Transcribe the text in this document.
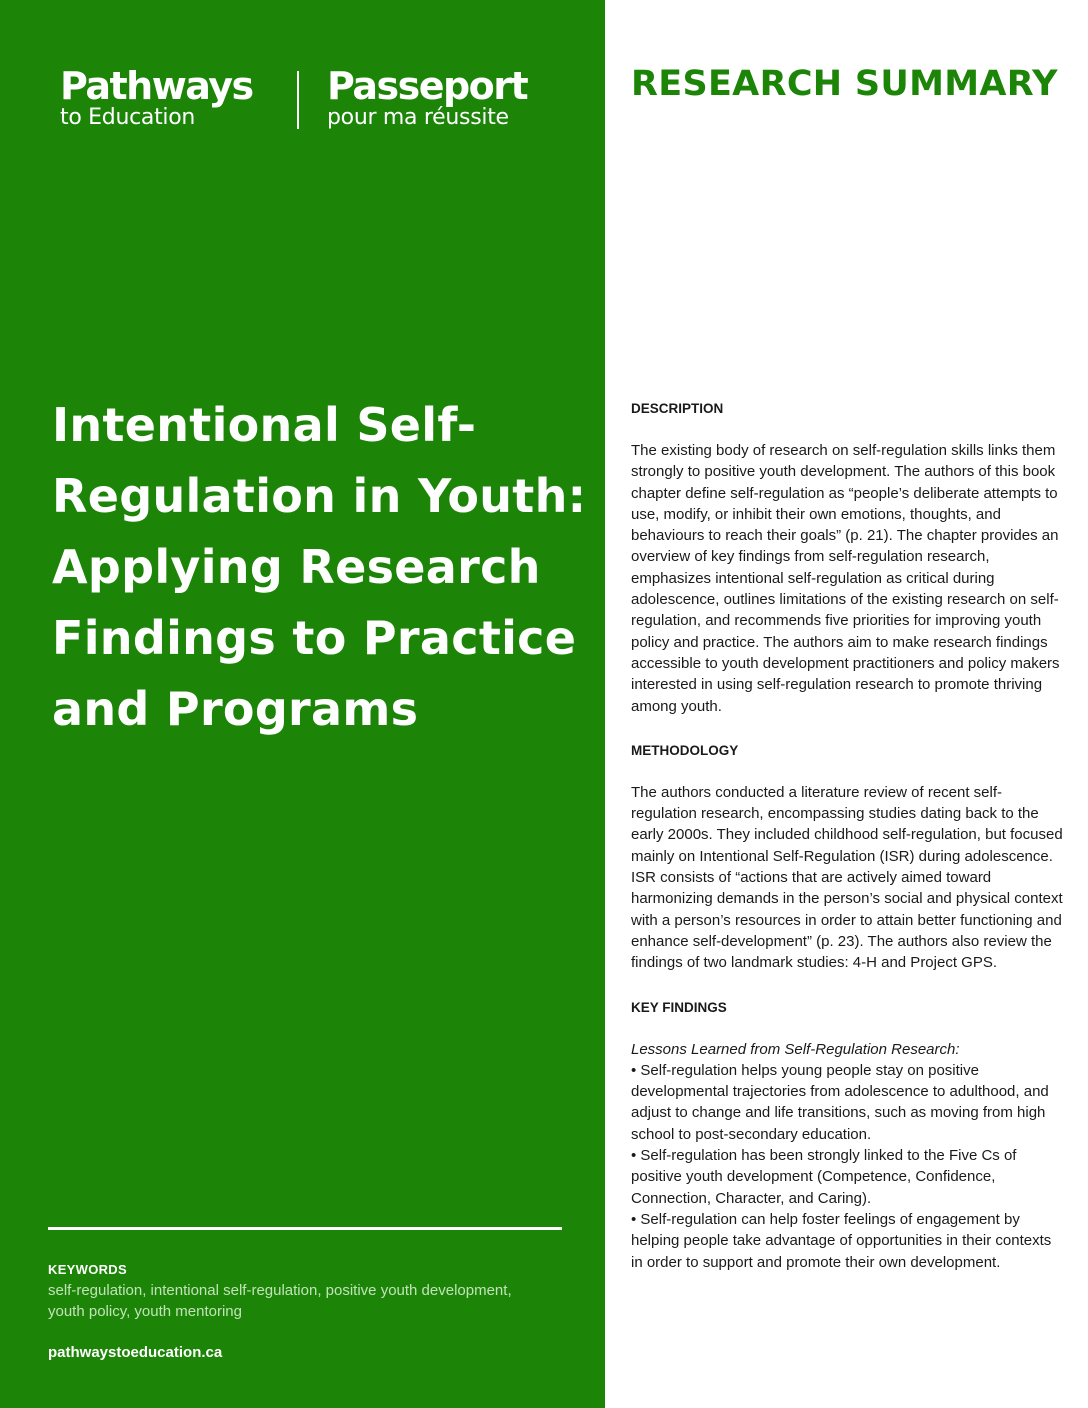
Pathways
to Education
Passeport
pour ma réussite
Intentional Self-
Regulation in Youth:
Applying Research
Findings to Practice
and Programs
KEYWORDS
self-regulation, intentional self-regulation, positive youth development, youth policy, youth mentoring
pathwaystoeducation.ca
RESEARCH SUMMARY
DESCRIPTION

The existing body of research on self-regulation skills links them strongly to positive youth development. The authors of this book chapter define self-regulation as “people’s deliberate attempts to use, modify, or inhibit their own emotions, thoughts, and behaviours to reach their goals” (p. 21). The chapter provides an overview of key findings from self-regulation research, emphasizes intentional self-regulation as critical during adolescence, outlines limitations of the existing research on self-regulation, and recommends five priorities for improving youth policy and practice. The authors aim to make research findings accessible to youth development practitioners and policy makers interested in using self-regulation research to promote thriving among youth.

METHODOLOGY

The authors conducted a literature review of recent self-regulation research, encompassing studies dating back to the early 2000s. They included childhood self-regulation, but focused mainly on Intentional Self-Regulation (ISR) during adolescence. ISR consists of “actions that are actively aimed toward harmonizing demands in the person’s social and physical context with a person’s resources in order to attain better functioning and enhance self-development” (p. 23). The authors also review the findings of two landmark studies: 4-H and Project GPS.

KEY FINDINGS
Lessons Learned from Self-Regulation Research:
• Self-regulation helps young people stay on positive developmental trajectories from adolescence to adulthood, and adjust to change and life transitions, such as moving from high school to post-secondary education.
• Self-regulation has been strongly linked to the Five Cs of positive youth development (Competence, Confidence, Connection, Character, and Caring).
• Self-regulation can help foster feelings of engagement by helping people take advantage of opportunities in their contexts in order to support and promote their own development.
